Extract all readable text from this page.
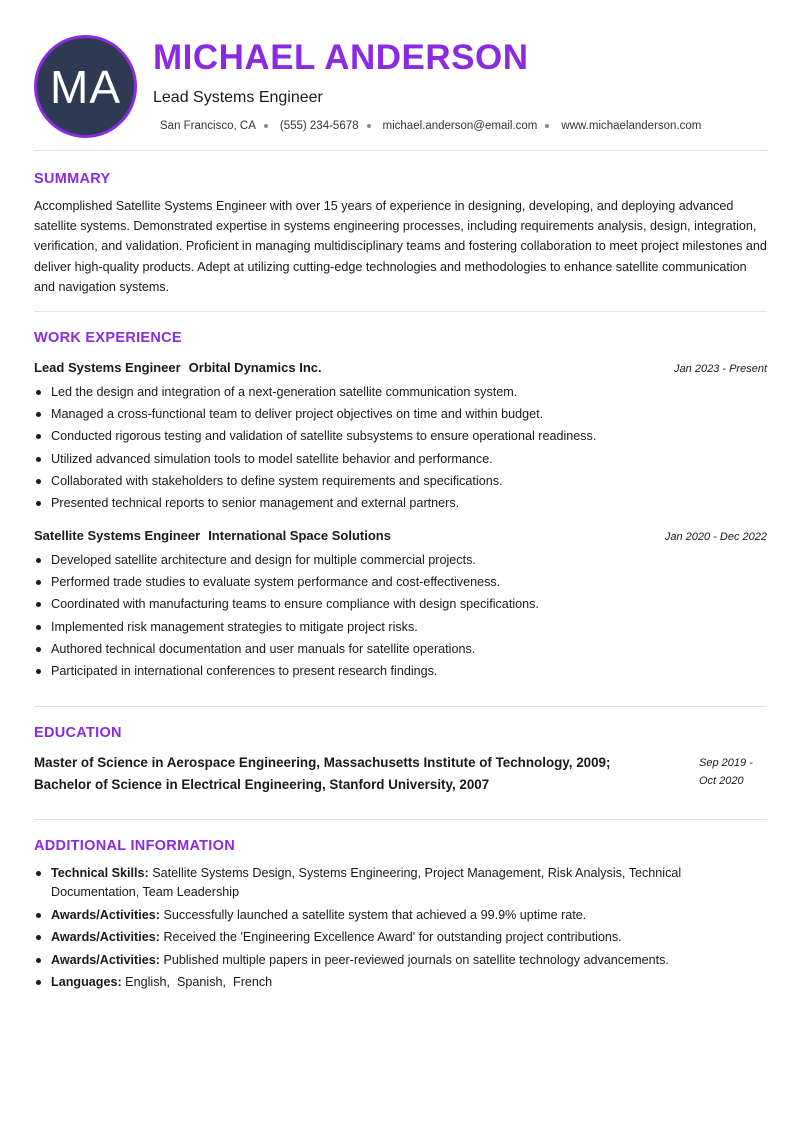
MA
MICHAEL ANDERSON
Lead Systems Engineer
San Francisco, CA (555) 234-5678 michael.anderson@email.com www.michaelanderson.com
SUMMARY
Accomplished Satellite Systems Engineer with over 15 years of experience in designing, developing, and deploying advanced satellite systems. Demonstrated expertise in systems engineering processes, including requirements analysis, design, integration, verification, and validation. Proficient in managing multidisciplinary teams and fostering collaboration to meet project milestones and deliver high-quality products. Adept at utilizing cutting-edge technologies and methodologies to enhance satellite communication and navigation systems.
WORK EXPERIENCE
Lead Systems Engineer Orbital Dynamics Inc.	Jan 2023 - Present
Led the design and integration of a next-generation satellite communication system.
Managed a cross-functional team to deliver project objectives on time and within budget.
Conducted rigorous testing and validation of satellite subsystems to ensure operational readiness.
Utilized advanced simulation tools to model satellite behavior and performance.
Collaborated with stakeholders to define system requirements and specifications.
Presented technical reports to senior management and external partners.
Satellite Systems Engineer International Space Solutions	Jan 2020 - Dec 2022
Developed satellite architecture and design for multiple commercial projects.
Performed trade studies to evaluate system performance and cost-effectiveness.
Coordinated with manufacturing teams to ensure compliance with design specifications.
Implemented risk management strategies to mitigate project risks.
Authored technical documentation and user manuals for satellite operations.
Participated in international conferences to present research findings.
EDUCATION
Master of Science in Aerospace Engineering, Massachusetts Institute of Technology, 2009;
Bachelor of Science in Electrical Engineering, Stanford University, 2007
Sep 2019 -
Oct 2020
ADDITIONAL INFORMATION
Technical Skills: Satellite Systems Design, Systems Engineering, Project Management, Risk Analysis, Technical Documentation, Team Leadership
Awards/Activities: Successfully launched a satellite system that achieved a 99.9% uptime rate.
Awards/Activities: Received the 'Engineering Excellence Award' for outstanding project contributions.
Awards/Activities: Published multiple papers in peer-reviewed journals on satellite technology advancements.
Languages: English,  Spanish,  French
